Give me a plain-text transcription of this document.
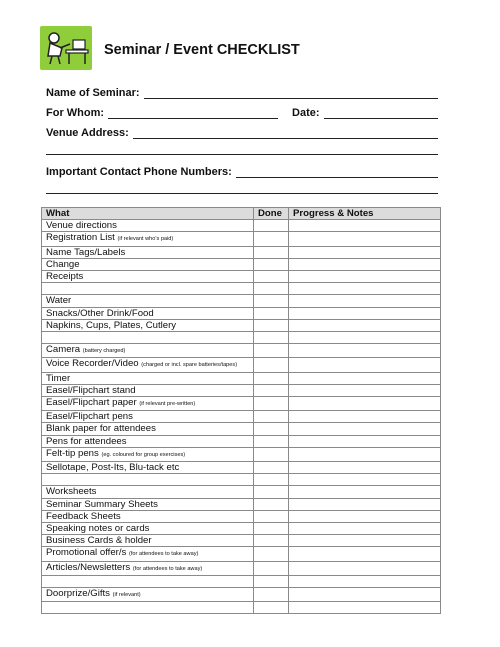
Seminar / Event CHECKLIST
Name of Seminar:
For Whom:	Date:
Venue Address:
Important Contact Phone Numbers:
What	Done	Progress & Notes
Venue directions		
Registration List (if relevant who's paid)		
Name Tags/Labels		
Change		
Receipts		

Water		
Snacks/Other Drink/Food		
Napkins, Cups, Plates, Cutlery		

Camera (battery charged)		
Voice Recorder/Video (charged or incl. spare batteries/tapes)		
Timer		
Easel/Flipchart stand		
Easel/Flipchart paper (if relevant pre-written)		
Easel/Flipchart pens		
Blank paper for attendees		
Pens for attendees		
Felt-tip pens (eg. coloured for group exercises)		
Sellotape, Post-Its, Blu-tack etc		

Worksheets		
Seminar Summary Sheets		
Feedback Sheets		
Speaking notes or cards		
Business Cards & holder		
Promotional offer/s (for attendees to take away)		
Articles/Newsletters (for attendees to take away)		

Doorprize/Gifts (if relevant)		
